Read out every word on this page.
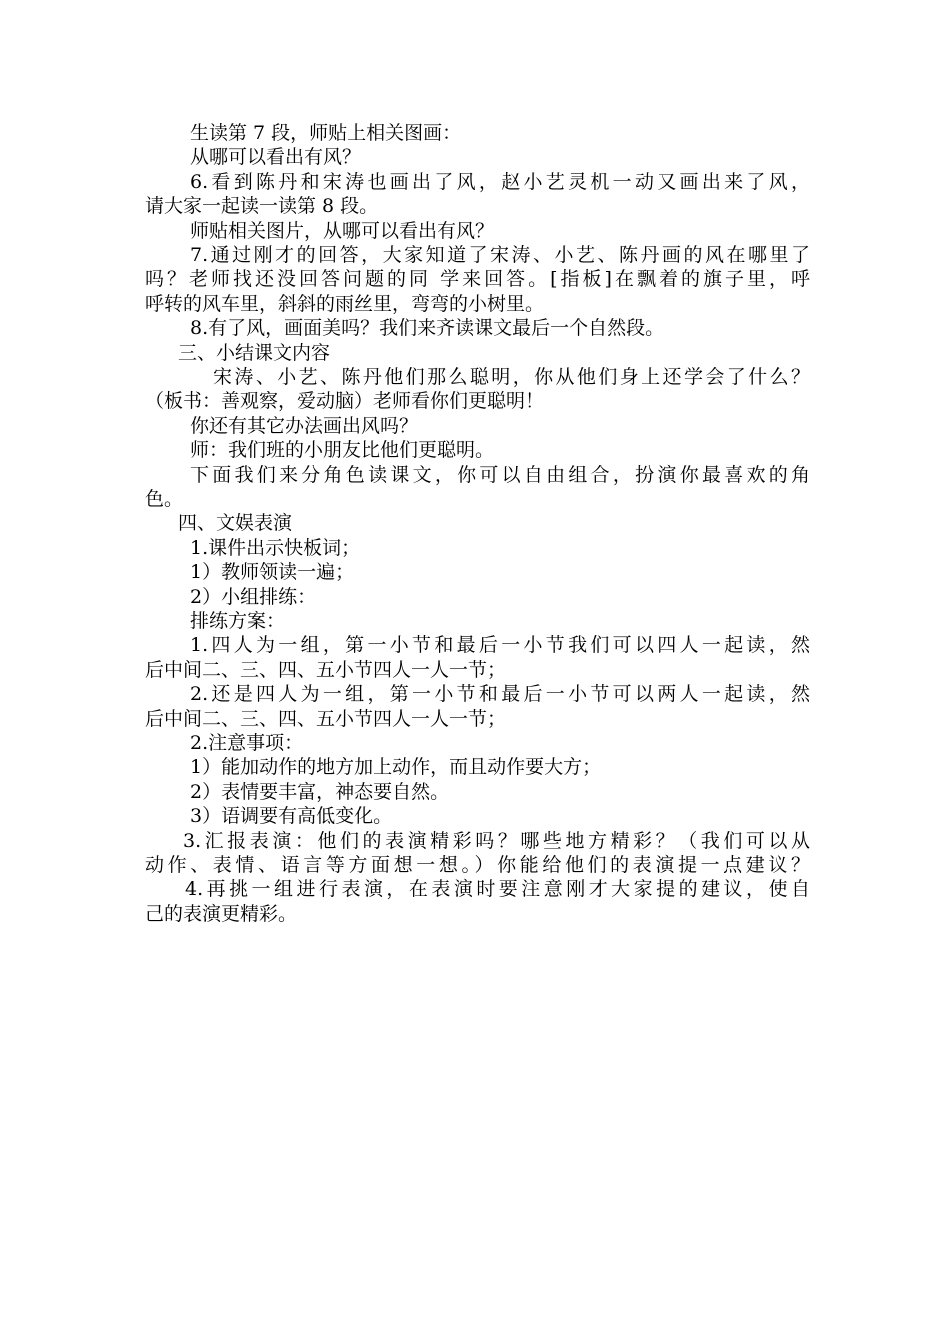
生读第 7 段，师贴上相关图画：
从哪可以看出有风？
6.看到陈丹和宋涛也画出了风，赵小艺灵机一动又画出来了风，
请大家一起读一读第 8 段。
师贴相关图片，从哪可以看出有风？
7.通过刚才的回答，大家知道了宋涛、小艺、陈丹画的风在哪里了
吗？老师找还没回答问题的同 学来回答。[指板]在飘着的旗子里，呼
呼转的风车里，斜斜的雨丝里，弯弯的小树里。
8.有了风，画面美吗？我们来齐读课文最后一个自然段。
三、小结课文内容
宋涛、小艺、陈丹他们那么聪明，你从他们身上还学会了什么？
（板书：善观察，爱动脑）老师看你们更聪明！
你还有其它办法画出风吗？
师：我们班的小朋友比他们更聪明。
下面我们来分角色读课文，你可以自由组合，扮演你最喜欢的角
色。
四、文娱表演
1.课件出示快板词；
1）教师领读一遍；
2）小组排练：
排练方案：
1.四人为一组，第一小节和最后一小节我们可以四人一起读，然
后中间二、三、四、五小节四人一人一节；
2.还是四人为一组，第一小节和最后一小节可以两人一起读，然
后中间二、三、四、五小节四人一人一节；
2.注意事项：
1）能加动作的地方加上动作，而且动作要大方；
2）表情要丰富，神态要自然。
3）语调要有高低变化。
3.汇报表演：他们的表演精彩吗？哪些地方精彩？（我们可以从
动作、表情、语言等方面想一想。）你能给他们的表演提一点建议？
4.再挑一组进行表演，在表演时要注意刚才大家提的建议，使自
己的表演更精彩。
